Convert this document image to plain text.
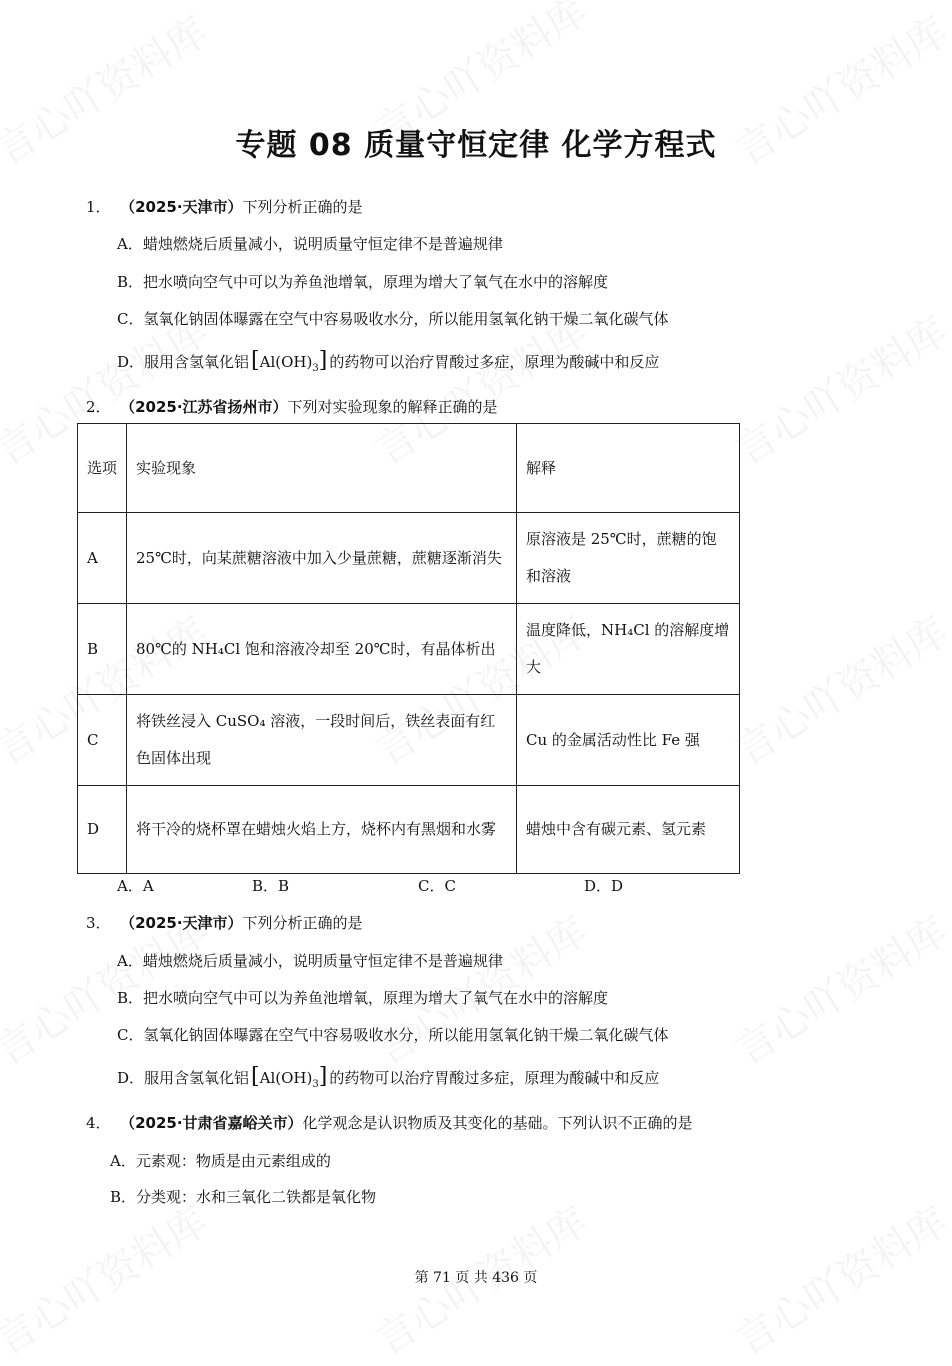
专题 08 质量守恒定律 化学方程式
1． （2025·天津市）下列分析正确的是
A．蜡烛燃烧后质量减小，说明质量守恒定律不是普遍规律
B．把水喷向空气中可以为养鱼池增氧，原理为增大了氧气在水中的溶解度
C．氢氧化钠固体曝露在空气中容易吸收水分，所以能用氢氧化钠干燥二氧化碳气体
D．服用含氢氧化铝$[Al(OH)_3]$ 的药物可以治疗胃酸过多症，原理为酸碱中和反应
2． （2025·江苏省扬州市）下列对实验现象的解释正确的是
选项	实验现象	解释
A	25℃时，向某蔗糖溶液中加入少量蔗糖，蔗糖逐渐消失	原溶液是 25℃时，蔗糖的饱和溶液
B	80℃的 NH₄Cl 饱和溶液冷却至 20℃时，有晶体析出	温度降低，NH₄Cl 的溶解度增大
C	将铁丝浸入 CuSO₄ 溶液，一段时间后，铁丝表面有红色固体出现	Cu 的金属活动性比 Fe 强
D	将干冷的烧杯罩在蜡烛火焰上方，烧杯内有黑烟和水雾	蜡烛中含有碳元素、氢元素
A．A	B．B	C．C	D．D
3． （2025·天津市）下列分析正确的是
A．蜡烛燃烧后质量减小，说明质量守恒定律不是普遍规律
B．把水喷向空气中可以为养鱼池增氧，原理为增大了氧气在水中的溶解度
C．氢氧化钠固体曝露在空气中容易吸收水分，所以能用氢氧化钠干燥二氧化碳气体
D．服用含氢氧化铝$[Al(OH)_3]$ 的药物可以治疗胃酸过多症，原理为酸碱中和反应
4． （2025·甘肃省嘉峪关市）化学观念是认识物质及其变化的基础。下列认识不正确的是
A．元素观：物质是由元素组成的
B．分类观：水和三氧化二铁都是氧化物
第 71 页 共 436 页
